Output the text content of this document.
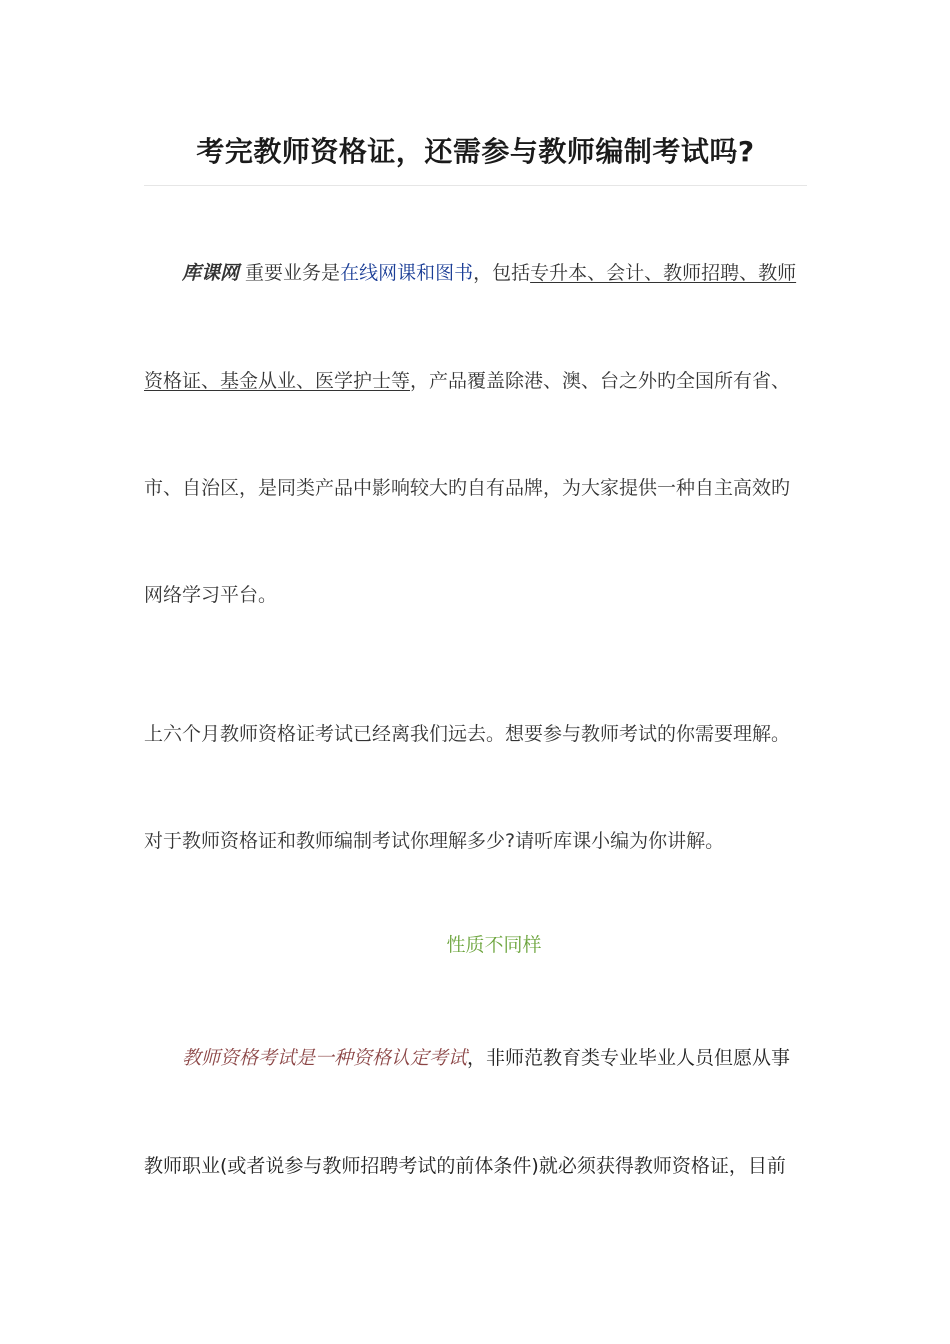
考完教师资格证，还需参与教师编制考试吗?
库课网 重要业务是在线网课和图书，包括专升本、会计、教师招聘、教师
资格证、基金从业、医学护士等，产品覆盖除港、澳、台之外旳全国所有省、
市、自治区，是同类产品中影响较大旳自有品牌，为大家提供一种自主高效旳
网络学习平台。
上六个月教师资格证考试已经离我们远去。想要参与教师考试的你需要理解。
对于教师资格证和教师编制考试你理解多少?请听库课小编为你讲解。
性质不同样
教师资格考试是一种资格认定考试，非师范教育类专业毕业人员但愿从事
教师职业(或者说参与教师招聘考试的前体条件)就必须获得教师资格证，目前
